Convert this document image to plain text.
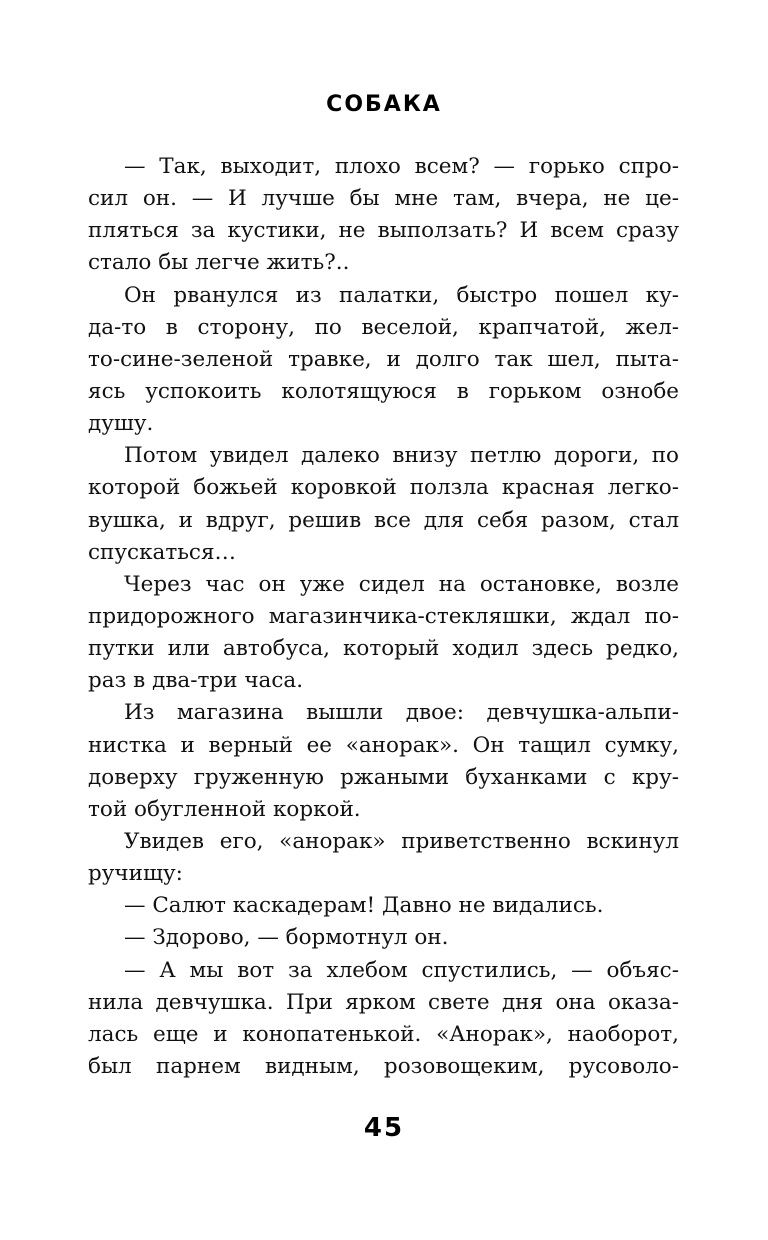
СОБАКА
— Так, выходит, плохо всем? — горько спро-
сил он. — И лучше бы мне там, вчера, не це-
пляться за кустики, не выползать? И всем сразу
стало бы легче жить?..
Он рванулся из палатки, быстро пошел ку-
да-то в сторону, по веселой, крапчатой, жел-
то-сине-зеленой травке, и долго так шел, пыта-
ясь успокоить колотящуюся в горьком ознобе
душу.
Потом увидел далеко внизу петлю дороги, по
которой божьей коровкой ползла красная легко-
вушка, и вдруг, решив все для себя разом, стал
спускаться…
Через час он уже сидел на остановке, возле
придорожного магазинчика-стекляшки, ждал по-
путки или автобуса, который ходил здесь редко,
раз в два-три часа.
Из магазина вышли двое: девчушка-альпи-
нистка и верный ее «анорак». Он тащил сумку,
доверху груженную ржаными буханками с кру-
той обугленной коркой.
Увидев его, «анорак» приветственно вскинул
ручищу:
— Салют каскадерам! Давно не видались.
— Здорово, — бормотнул он.
— А мы вот за хлебом спустились, — объяс-
нила девчушка. При ярком свете дня она оказа-
лась еще и конопатенькой. «Анорак», наоборот,
был парнем видным, розовощеким, русоволо-
45
